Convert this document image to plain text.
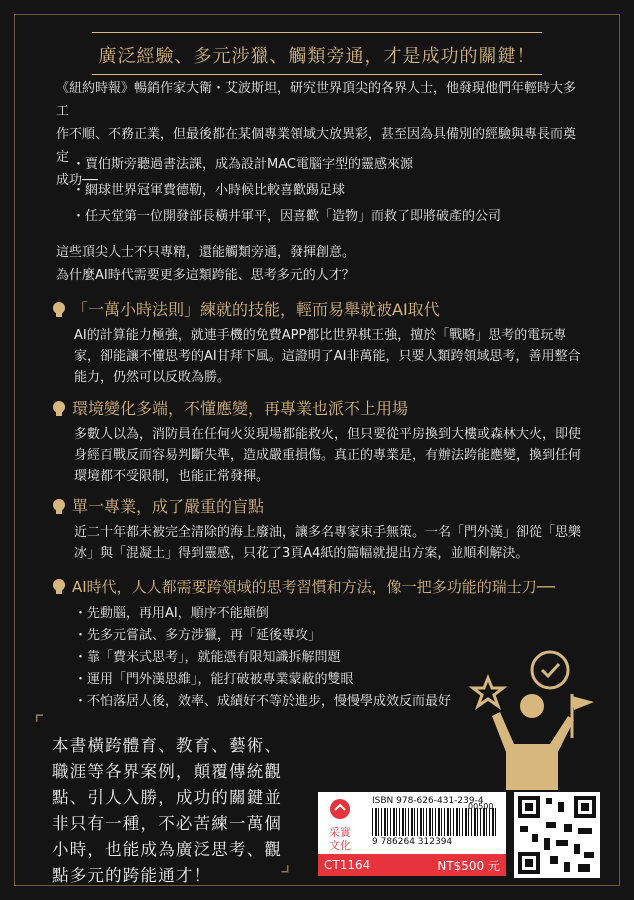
廣泛經驗、多元涉獵、觸類旁通，才是成功的關鍵！
《紐約時報》暢銷作家大衛・艾波斯坦，研究世界頂尖的各界人士，他發現他們年輕時大多工
作不順、不務正業，但最後都在某個專業領域大放異彩，甚至因為具備別的經驗與專長而奠定
成功──
・賈伯斯旁聽過書法課，成為設計MAC電腦字型的靈感來源
・網球世界冠軍費德勒，小時候比較喜歡踢足球
・任天堂第一位開發部長橫井軍平，因喜歡「造物」而救了即將破產的公司
這些頂尖人士不只專精，還能觸類旁通，發揮創意。
為什麼AI時代需要更多這類跨能、思考多元的人才？
「一萬小時法則」練就的技能，輕而易舉就被AI取代
AI的計算能力極強，就連手機的免費APP都比世界棋王強，擅於「戰略」思考的電玩專
家，卻能讓不懂思考的AI甘拜下風。這證明了AI非萬能，只要人類跨領域思考，善用整合
能力，仍然可以反敗為勝。
環境變化多端，不懂應變，再專業也派不上用場
多數人以為，消防員在任何火災現場都能救火，但只要從平房換到大樓或森林大火，即使
身經百戰反而容易判斷失準，造成嚴重損傷。真正的專業是，有辦法跨能應變，換到任何
環境都不受限制，也能正常發揮。
單一專業，成了嚴重的盲點
近二十年都未被完全清除的海上廢油，讓多名專家束手無策。一名「門外漢」卻從「思樂
冰」與「混凝土」得到靈感，只花了3頁A4紙的篇幅就提出方案，並順利解決。
AI時代，人人都需要跨領域的思考習慣和方法，像一把多功能的瑞士刀──
・先動腦，再用AI，順序不能顛倒
・先多元嘗試、多方涉獵，再「延後專攻」
・靠「費米式思考」，就能憑有限知識拆解問題
・運用「門外漢思維」，能打破被專業蒙蔽的雙眼
・不怕落居人後，效率、成績好不等於進步，慢慢學成效反而最好
⌜
⌟
本書橫跨體育、教育、藝術、
職涯等各界案例，顛覆傳統觀
點、引人入勝，成功的關鍵並
非只有一種，不必苦練一萬個
小時，也能成為廣泛思考、觀
點多元的跨能通才！
采實文化
ISBN 978-626-431-239-4
00500
9 786264 312394
CT1164	NT$500 元
